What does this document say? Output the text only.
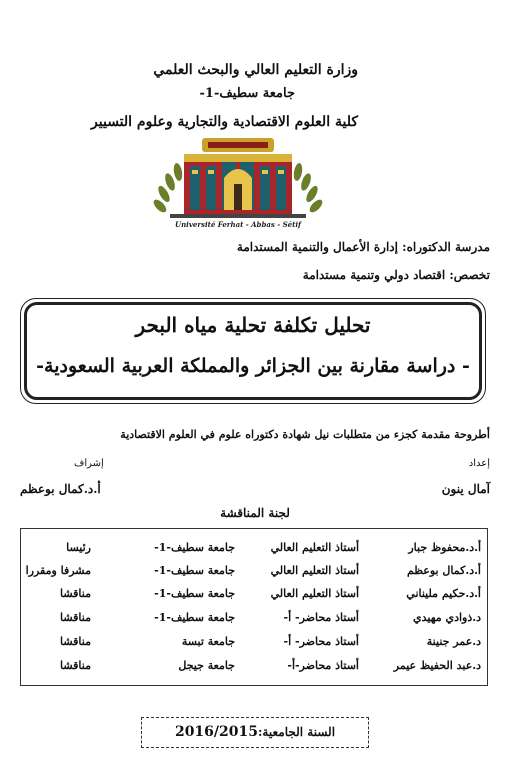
وزارة التعليم العالي والبحث العلمي
جامعة سطيف-1-
كلية العلوم الاقتصادية والتجارية وعلوم التسيير
Université Ferhat - Abbas - Sétif
مدرسة الدكتوراه: إدارة الأعمال والتنمية المستدامة
تخصص: اقتصاد دولي وتنمية مستدامة
تحليل تكلفة تحلية مياه البحر
- دراسة مقارنة بين الجزائر والمملكة العربية السعودية-
أطروحة مقدمة كجزء من متطلبات نيل شهادة دكتوراه علوم في العلوم الاقتصادية
إعداد
إشراف
آمال ينون
أ.د.كمال بوعظم
لجنة المناقشة
أ.د.محفوظ جبار
أستاذ التعليم العالي
جامعة سطيف-1-
رئيسا
أ.د.كمال بوعظم
أستاذ التعليم العالي
جامعة سطيف-1-
مشرفا ومقررا
أ.د.حكيم مليناني
أستاذ التعليم العالي
جامعة سطيف-1-
مناقشا
د.ذوادي مهيدي
أستاذ محاضر- أ-
جامعة سطيف-1-
مناقشا
د.عمر جنينة
أستاذ محاضر- أ-
جامعة تبسة
مناقشا
د.عبد الحفيظ عيمر
أستاذ محاضر-أ-
جامعة جيجل
مناقشا
السنة الجامعية:2016/2015
